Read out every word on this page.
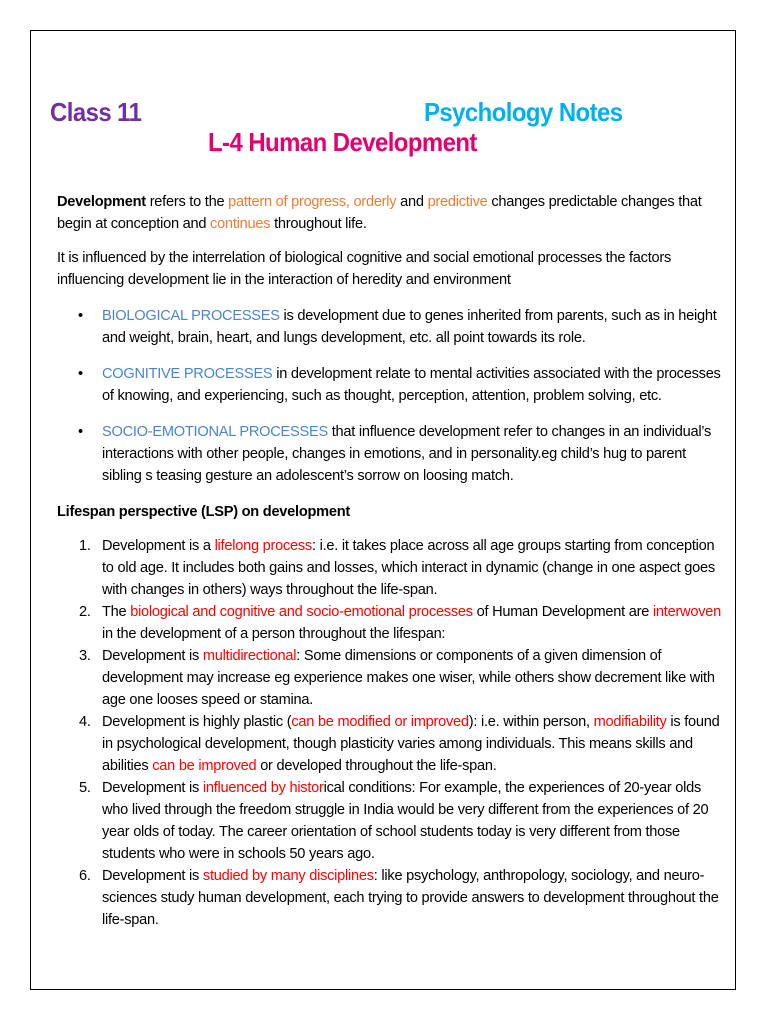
Class 11	Psychology Notes
L-4 Human Development

Development refers to the pattern of progress, orderly and predictive changes predictable changes that begin at conception and continues throughout life.

It is influenced by the interrelation of biological cognitive and social emotional processes the factors influencing development lie in the interaction of heredity and environment

• BIOLOGICAL PROCESSES is development due to genes inherited from parents, such as in height and weight, brain, heart, and lungs development, etc. all point towards its role.
• COGNITIVE PROCESSES in development relate to mental activities associated with the processes of knowing, and experiencing, such as thought, perception, attention, problem solving, etc.
• SOCIO-EMOTIONAL PROCESSES that influence development refer to changes in an individual’s interactions with other people, changes in emotions, and in personality.eg child’s hug to parent sibling s teasing gesture an adolescent’s sorrow on loosing match.

Lifespan perspective (LSP) on development

1. Development is a lifelong process: i.e. it takes place across all age groups starting from conception to old age. It includes both gains and losses, which interact in dynamic (change in one aspect goes with changes in others) ways throughout the life-span.
2. The biological and cognitive and socio-emotional processes of Human Development are interwoven in the development of a person throughout the lifespan:
3. Development is multidirectional: Some dimensions or components of a given dimension of development may increase eg experience makes one wiser, while others show decrement like with age one looses speed or stamina.
4. Development is highly plastic (can be modified or improved): i.e. within person, modifiability is found in psychological development, though plasticity varies among individuals. This means skills and abilities can be improved or developed throughout the life-span.
5. Development is influenced by historical conditions: For example, the experiences of 20-year olds who lived through the freedom struggle in India would be very different from the experiences of 20 year olds of today. The career orientation of school students today is very different from those students who were in schools 50 years ago.
6. Development is studied by many disciplines: like psychology, anthropology, sociology, and neuro-sciences study human development, each trying to provide answers to development throughout the life-span.
